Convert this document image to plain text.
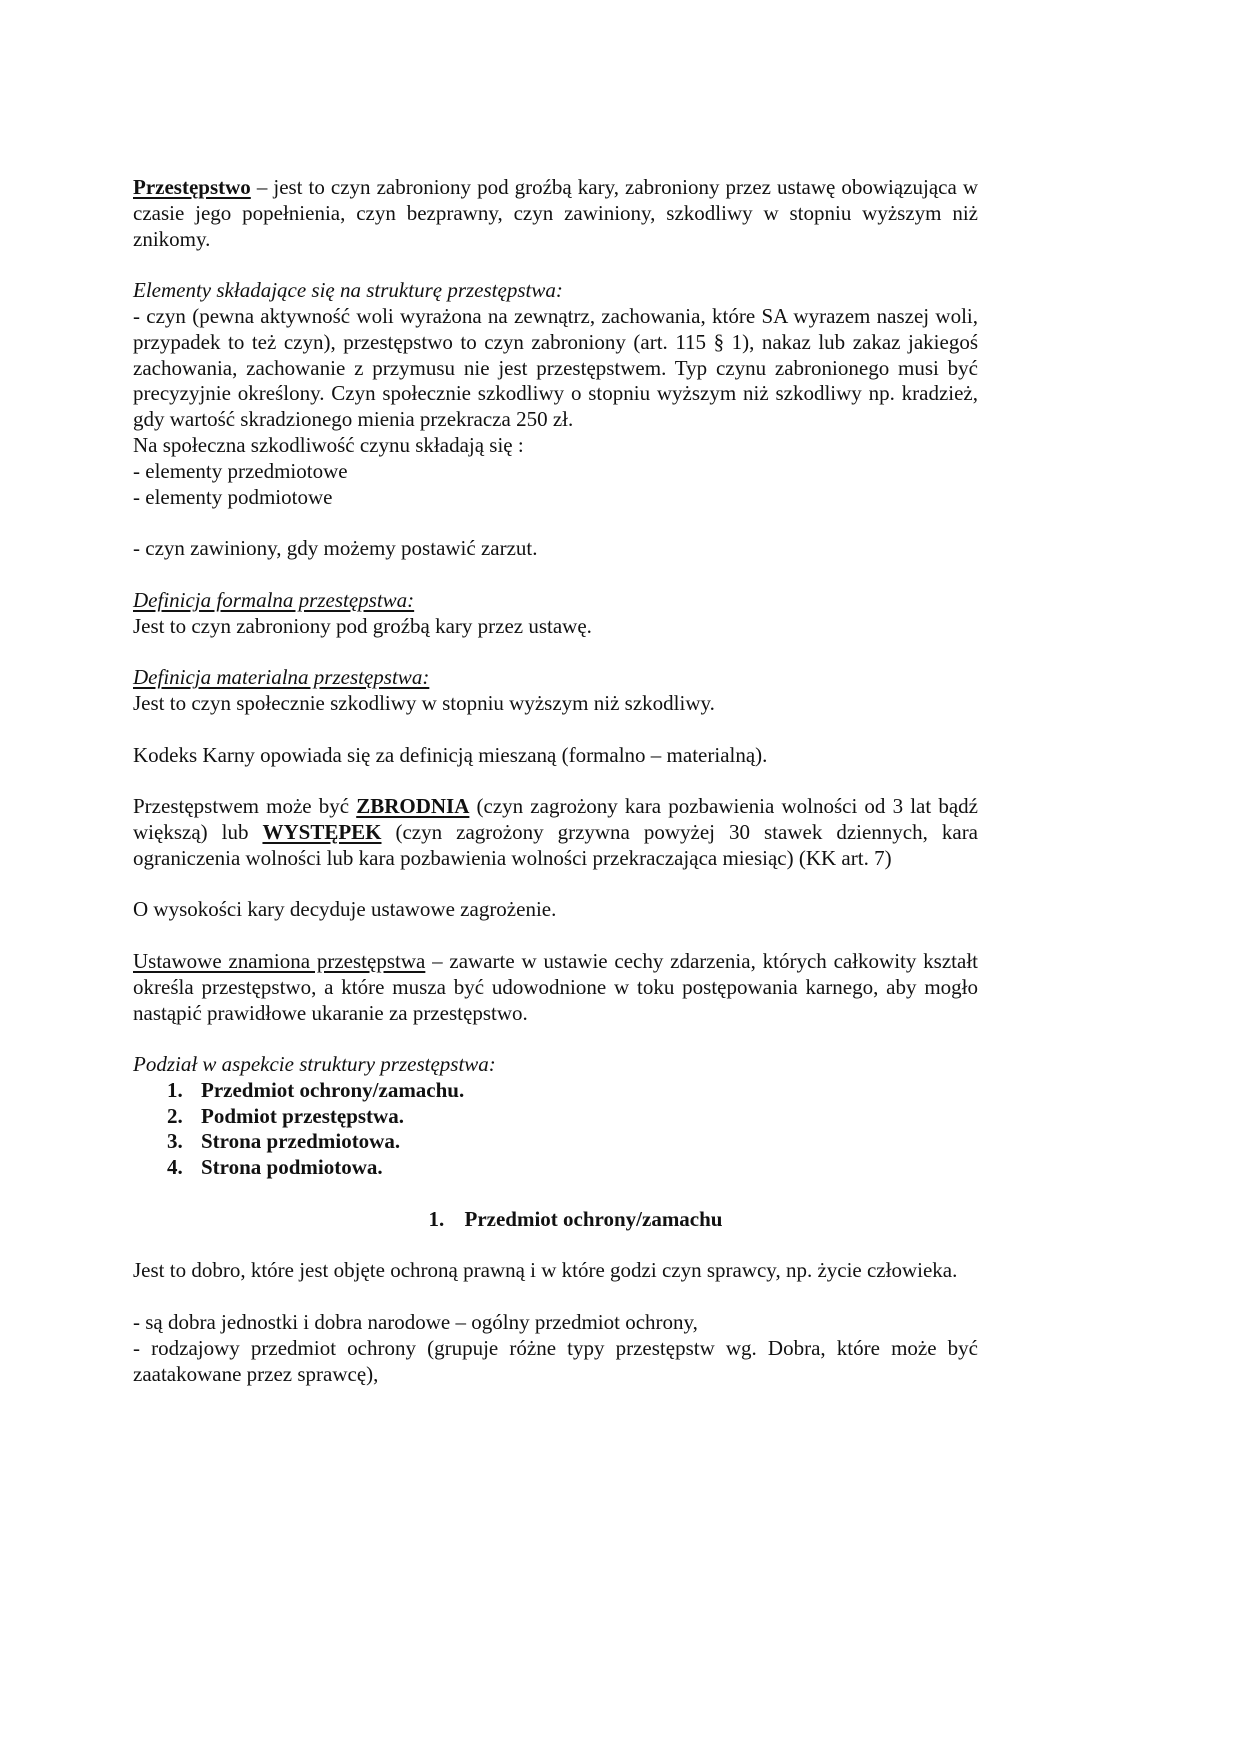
Przestępstwo – jest to czyn zabroniony pod groźbą kary, zabroniony przez ustawę obowiązująca w czasie jego popełnienia, czyn bezprawny, czyn zawiniony, szkodliwy w stopniu wyższym niż znikomy.

Elementy składające się na strukturę przestępstwa:

- czyn (pewna aktywność woli wyrażona na zewnątrz, zachowania, które SA wyrazem naszej woli, przypadek to też czyn), przestępstwo to czyn zabroniony (art. 115 § 1), nakaz lub zakaz jakiegoś zachowania, zachowanie z przymusu nie jest przestępstwem. Typ czynu zabronionego musi być precyzyjnie określony. Czyn społecznie szkodliwy o stopniu wyższym niż szkodliwy np. kradzież, gdy wartość skradzionego mienia przekracza 250 zł.

Na społeczna szkodliwość czynu składają się :

- elementy przedmiotowe

- elementy podmiotowe

- czyn zawiniony, gdy możemy postawić zarzut.

Definicja formalna przestępstwa:

Jest to czyn zabroniony pod groźbą kary przez ustawę.

Definicja materialna przestępstwa:

Jest to czyn społecznie szkodliwy w stopniu wyższym niż szkodliwy.

Kodeks Karny opowiada się za definicją mieszaną (formalno – materialną).

Przestępstwem może być ZBRODNIA (czyn zagrożony kara pozbawienia wolności od 3 lat bądź większą) lub WYSTĘPEK (czyn zagrożony grzywna powyżej 30 stawek dziennych, kara ograniczenia wolności lub kara pozbawienia wolności przekraczająca miesiąc) (KK art. 7)

O wysokości kary decyduje ustawowe zagrożenie.

Ustawowe znamiona przestępstwa – zawarte w ustawie cechy zdarzenia, których całkowity kształt określa przestępstwo, a które musza być udowodnione w toku postępowania karnego, aby mogło nastąpić prawidłowe ukaranie za przestępstwo.

Podział w aspekcie struktury przestępstwa:

1. Przedmiot ochrony/zamachu.
2. Podmiot przestępstwa.
3. Strona przedmiotowa.
4. Strona podmiotowa.

1. Przedmiot ochrony/zamachu

Jest to dobro, które jest objęte ochroną prawną i w które godzi czyn sprawcy, np. życie człowieka.

- są dobra jednostki i dobra narodowe – ogólny przedmiot ochrony,

- rodzajowy przedmiot ochrony (grupuje różne typy przestępstw wg. Dobra, które może być zaatakowane przez sprawcę),
